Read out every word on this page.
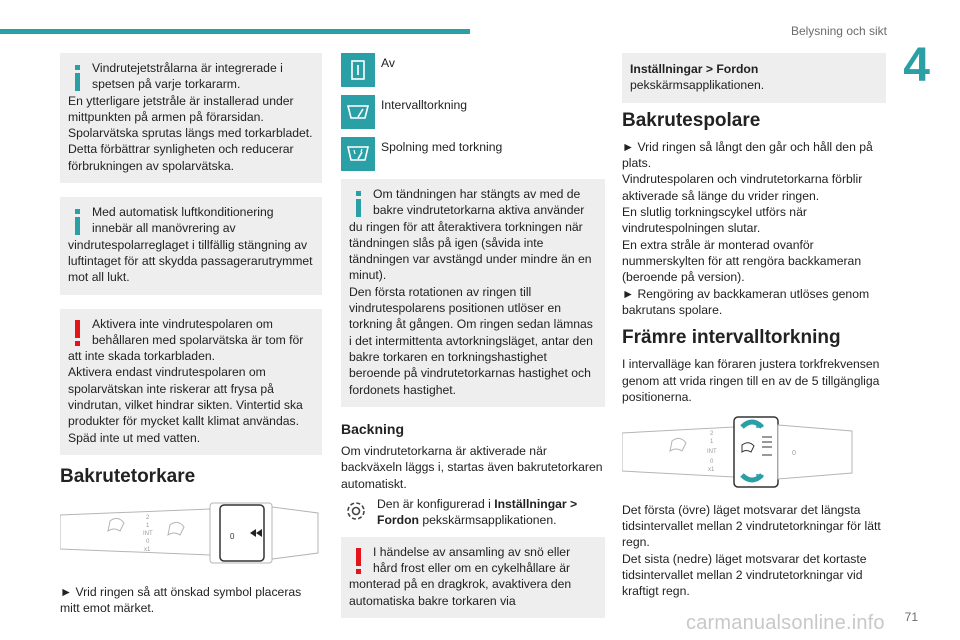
Belysning och sikt
4

Vindrutejetstrålarna är integrerade i spetsen på varje torkararm.

En ytterligare jetstråle är installerad under mittpunkten på armen på förarsidan. Spolarvätska sprutas längs med torkarbladet. Detta förbättrar synligheten och reducerar förbrukningen av spolarvätska.

Med automatisk luftkonditionering innebär all manövrering av

vindrutespolarreglaget i tillfällig stängning av luftintaget för att skydda passagerarutrymmet mot all lukt.

Aktivera inte vindrutespolaren om behållaren med spolarvätska är tom för

att inte skada torkarbladen.

Aktivera endast vindrutespolaren om spolarvätskan inte riskerar att frysa på vindrutan, vilket hindrar sikten. Vintertid ska produkter för mycket kallt klimat användas. Späd inte ut med vatten.

Bakrutetorkare
2
1
INT
0
x1
0

► Vrid ringen så att önskad symbol placeras mitt emot märket.

Av
Intervalltorkning
Spolning med torkning

Om tändningen har stängts av med de bakre vindrutetorkarna aktiva använder

du ringen för att återaktivera torkningen när tändningen slås på igen (såvida inte tändningen var avstängd under mindre än en minut).

Den första rotationen av ringen till vindrutespolarens positionen utlöser en torkning åt gången. Om ringen sedan lämnas i det intermittenta avtorkningsläget, antar den bakre torkaren en torkningshastighet beroende på vindrutetorkarnas hastighet och fordonets hastighet.

Backning

Om vindrutetorkarna är aktiverade när backväxeln läggs i, startas även bakrutetorkaren automatiskt.

Den är konfigurerad i Inställningar > Fordon pekskärmsapplikationen.

I händelse av ansamling av snö eller hård frost eller om en cykelhållare är

monterad på en dragkrok, avaktivera den automatiska bakre torkaren via

Inställningar > Fordon

pekskärmsapplikationen.

Bakrutespolare

► Vrid ringen så långt den går och håll den på plats.

Vindrutespolaren och vindrutetorkarna förblir aktiverade så länge du vrider ringen.

En slutlig torkningscykel utförs när vindrutespolningen slutar.

En extra stråle är monterad ovanför nummerskylten för att rengöra backkameran (beroende på version).

► Rengöring av backkameran utlöses genom bakrutans spolare.

Främre intervalltorkning

I intervalläge kan föraren justera torkfrekvensen genom att vrida ringen till en av de 5 tillgängliga positionerna.

2
1
INT
0
x1
0

Det första (övre) läget motsvarar det längsta tidsintervallet mellan 2 vindrutetorkningar för lätt regn.

Det sista (nedre) läget motsvarar det kortaste tidsintervallet mellan 2 vindrutetorkningar vid kraftigt regn.

71
carmanualsonline.info
